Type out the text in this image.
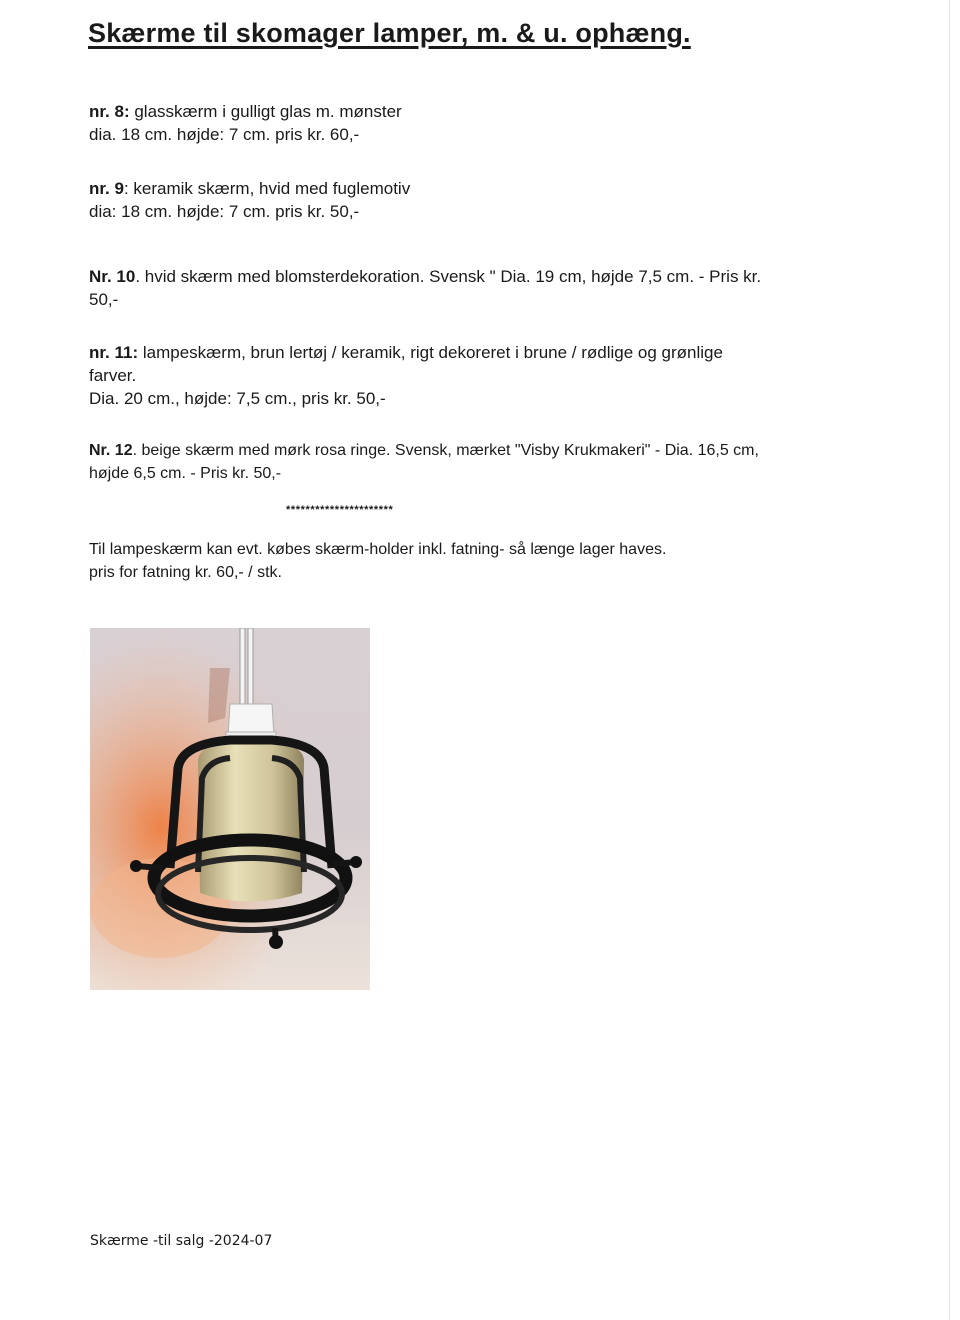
Skærme til skomager lamper, m. & u. ophæng.

nr. 8: glasskærm i gulligt glas m. mønster

dia. 18 cm. højde: 7 cm. pris kr. 60,-

nr. 9: keramik skærm, hvid med fuglemotiv

dia: 18 cm. højde: 7 cm. pris kr. 50,-

Nr. 10. hvid skærm med blomsterdekoration. Svensk " Dia. 19 cm, højde 7,5 cm. - Pris kr.

50,-

nr. 11: lampeskærm, brun lertøj / keramik, rigt dekoreret i brune / rødlige og grønlige

farver.

Dia. 20 cm., højde: 7,5 cm., pris kr. 50,-

Nr. 12. beige skærm med mørk rosa ringe. Svensk, mærket "Visby Krukmakeri" - Dia. 16,5 cm,

højde 6,5 cm. - Pris kr. 50,-

**********************

Til lampeskærm kan evt. købes skærm-holder inkl. fatning- så længe lager haves.

pris for fatning kr. 60,- / stk.

Skærme -til salg -2024-07
